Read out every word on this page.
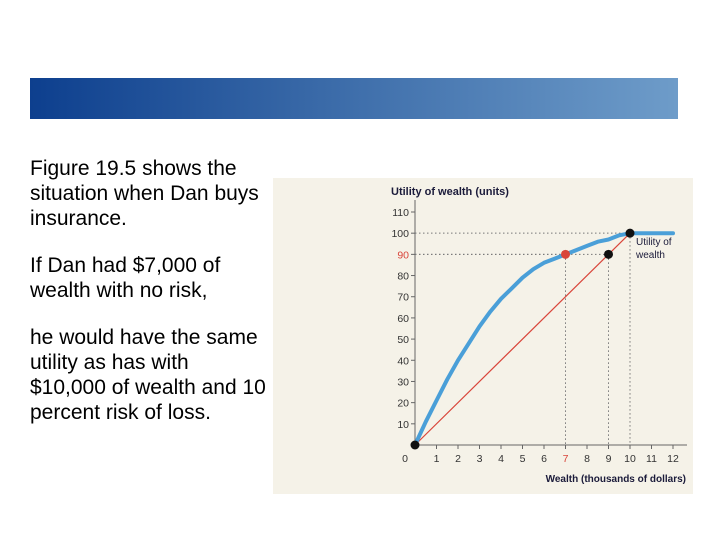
Figure 19.5 shows the situation when Dan buys insurance.

If Dan had $7,000 of wealth with no risk,

he would have the same utility as has with $10,000 of wealth and 10 percent risk of loss.

Utility of wealth (units)
Wealth (thousands of dollars)
Utility of
wealth
10
20
30
40
50
60
70
80
90
100
110
0 1 2 3 4 5 6 7 8 9 10 11 12
